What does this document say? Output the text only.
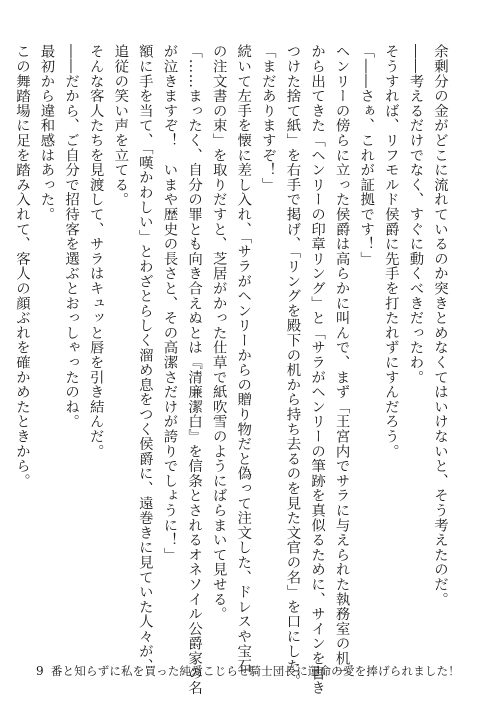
余剰分の金がどこに流れているのか突きとめなくてはいけないと、そう考えたのだ。
――考えるだけでなく、すぐに動くべきだったわ。
そうすれば、リフモルド侯爵に先手を打たれずにすんだろう。
「――さぁ、これが証拠です！」
ヘンリーの傍らに立った侯爵は高らかに叫んで、まず「王宮内でサラに与えられた執務室の机」
から出てきた「ヘンリーの印章リング」と「サラがヘンリーの筆跡を真似るために、サインを書き
つけた捨て紙」を右手で掲げ、「リングを殿下の机から持ち去るのを見た文官の名」を口にした。
「まだありますぞ！」
続いて左手を懐に差し入れ、「サラがヘンリーからの贈り物だと偽って注文した、ドレスや宝石
の注文書の束」を取りだすと、芝居がかった仕草で紙吹雪のようにばらまいて見せる。
「……まったく、自分の罪とも向き合えぬとは『清廉潔白』を信条とされるオネソイル公爵家の名
が泣きますぞ！　いまや歴史の長さと、その高潔さだけが誇りでしょうに！」
額に手を当て、「嘆かわしい」とわざとらしく溜め息をつく侯爵に、遠巻きに見ていた人々が、
追従の笑い声を立てる。
そんな客人たちを見渡して、サラはキュッと唇を引き結んだ。
――だから、ご自分で招待客を選ぶとおっしゃったのね。
最初から違和感はあった。
この舞踏場に足を踏み入れて、客人の顔ぶれを確かめたときから。
9 番と知らずに私を買った純愛こじらせ騎士団長に運命の愛を捧げられました！
